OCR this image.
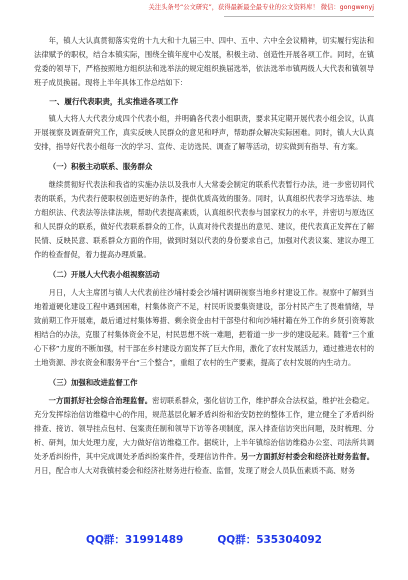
关注头条号“公文研究”，获得最新最全最专业的公文资料库！ 微信：gongwenyj

年，镇人大认真贯彻落实党的十九大和十九届三中、四中、五中、六中全会议精神，切实履行宪法和法律赋予的职权，结合本镇实际，围绕全镇年度中心发展，积极主动、创造性开展各项工作。同时，在镇党委的领导下，严格按照地方组织法和选举法的规定组织换届选举，依法选举市镇两级人大代表和镇领导班子成员换届。现将上半年具体工作总结如下：

一、履行代表职责，扎实推进各项工作

镇人大将人大代表分成四个代表小组，并明确各代表小组职责，要求其定期开展代表小组会议，认真开展视察及调查研究工作，真实反映人民群众的意见和呼声，帮助群众解决实际困难。同时，镇人大认真安排，指导好代表小组每一次的学习、宣传、走访选民、调查了解等活动，切实做到有指导、有方案。

（一）积极主动联系、服务群众

继续贯彻好代表法和我省的实施办法以及我市人大常委会制定的联系代表暂行办法，进一步密切同代表的联系，为代表行使职权创造更好的条件，提供优质高效的服务。同时，认真组织代表学习选举法、地方组织法、代表法等法律法规，帮助代表提高素质，认真组织代表参与国家权力的水平，并密切与原选区和人民群众的联系，做好代表联系群众的工作，认真对待代表提出的意见、建议，使代表真正发挥在了解民情、反映民意、联系群众方面的作用，做到时刻以代表的身份要求自己，加强对代表议案、建议办理工作的检查督促，着力提高办理质量。

（二）开展人大代表小组视察活动

月日，人大主席团与镇人大代表前往沙埔村委会沙埔村调研视察当地乡村建设工作。视察中了解到当地着道硬化建设工程中遇到困难，村集体资产不足，村民听说要集资建设，部分村民产生了畏难情绪，导致前期工作开展难，最后通过村集体筹措、剩余资金由村干部垫付和向沙埔村籍在外工作的乡贤引资筹款相结合的办法，克服了村集体资金不足，村民思想不统一难题，把着道一步一步的建设起来。随着“三个重心下移”力度的不断加强，村干部在乡村建设方面发挥了巨大作用，激化了农村发展活力，通过推进农村的土地资源、涉农资金和服务平台“三个整合”，重组了农村的生产要素，提高了农村发展的内生动力。

（三）加强和改进监督工作

一方面抓好社会综合治理监督。密切联系群众，强化信访工作，维护群众合法权益，维护社会稳定。充分发挥综治信访维稳中心的作用，规范基层化解矛盾纠纷和治安防控的整体工作，建立健全了矛盾纠纷排查、接访、领导挂点包村、包案责任制和领导下访等各项制度，深入排查信访突出问题，及时梳理、分析、研判，加大处理力度，大力做好信访维稳工作。据统计，上半年镇综治信访维稳办公室、司法所共调处矛盾纠纷件，其中完成调处矛盾纠纷案件件，受理信访件件。另一方面抓好村委会和经济社财务监督。月日，配合市人大对我镇村委会和经济社财务进行检查、监督，发现了财会人员队伍素质不高、财务

QQ群：31991489	QQ群：535304092
